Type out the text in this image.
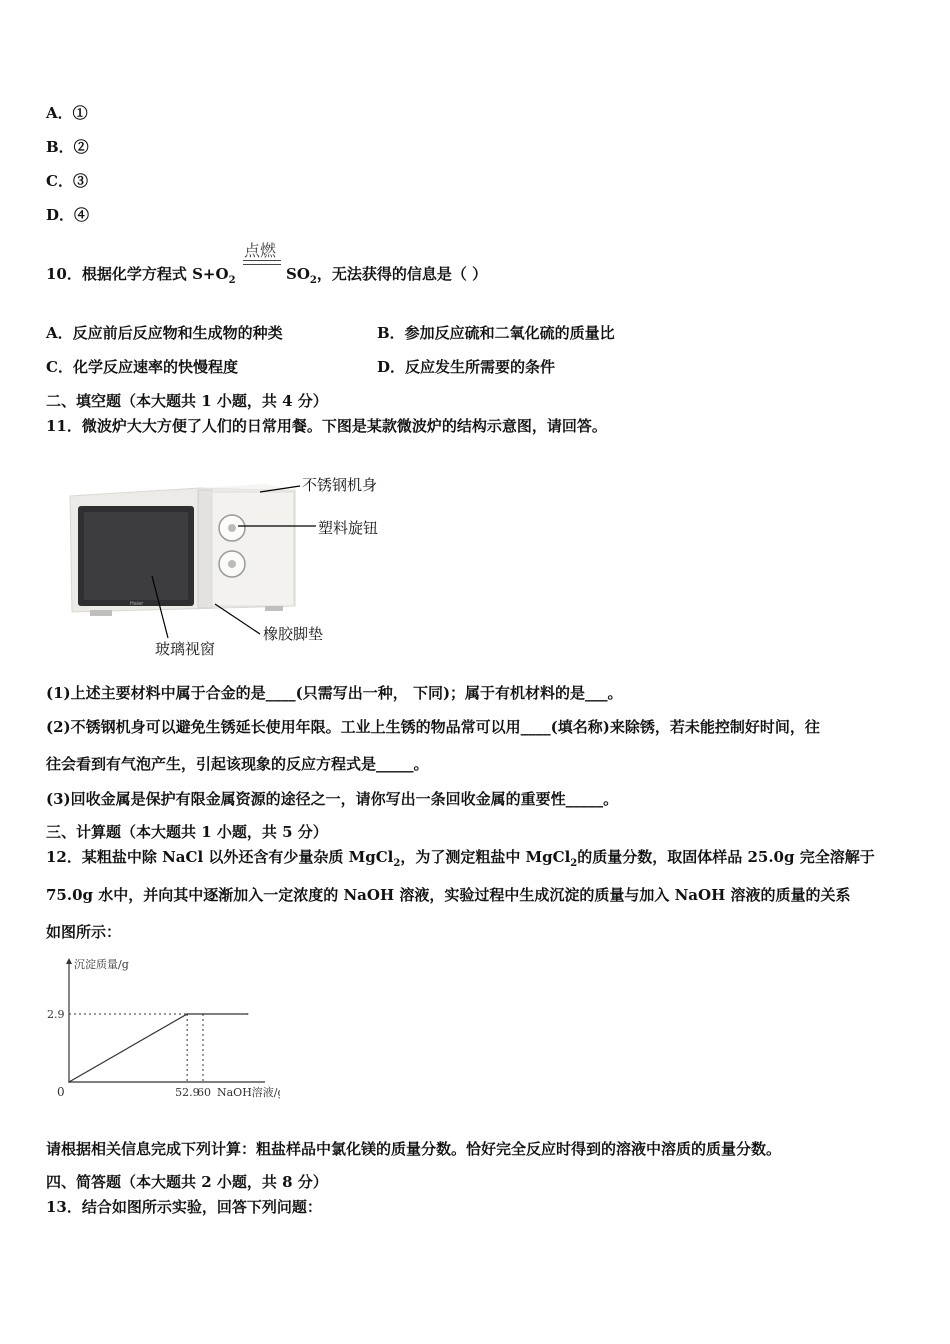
A．①
B．②
C．③
D．④
10．根据化学方程式 $S+O_2$	$SO_2$，无法获得的信息是（ ）
点燃
A．反应前后反应物和生成物的种类	B．参加反应硫和二氧化硫的质量比
C．化学反应速率的快慢程度	D．反应发生所需要的条件
二、填空题（本大题共 1 小题，共 4 分）
11．微波炉大大方便了人们的日常用餐。下图是某款微波炉的结构示意图，请回答。
Haier
不锈钢机身
塑料旋钮
玻璃视窗
橡胶脚垫
(1)上述主要材料中属于合金的是____(只需写出一种， 下同)；属于有机材料的是___。
(2)不锈钢机身可以避免生锈延长使用年限。工业上生锈的物品常可以用____(填名称)来除锈，若未能控制好时间，往
往会看到有气泡产生，引起该现象的反应方程式是_____。
(3)回收金属是保护有限金属资源的途径之一，请你写出一条回收金属的重要性_____。
三、计算题（本大题共 1 小题，共 5 分）
12．某粗盐中除 NaCl 以外还含有少量杂质 MgCl$_2$，为了测定粗盐中 MgCl$_2$的质量分数，取固体样品 25.0g 完全溶解于
75.0g 水中，并向其中逐渐加入一定浓度的 NaOH 溶液，实验过程中生成沉淀的质量与加入 NaOH 溶液的质量的关系
如图所示：
沉淀质量/g
NaOH溶液/g
0
2.9
52.9
60
请根据相关信息完成下列计算：粗盐样品中氯化镁的质量分数。恰好完全反应时得到的溶液中溶质的质量分数。
四、简答题（本大题共 2 小题，共 8 分）
13．结合如图所示实验，回答下列问题：
